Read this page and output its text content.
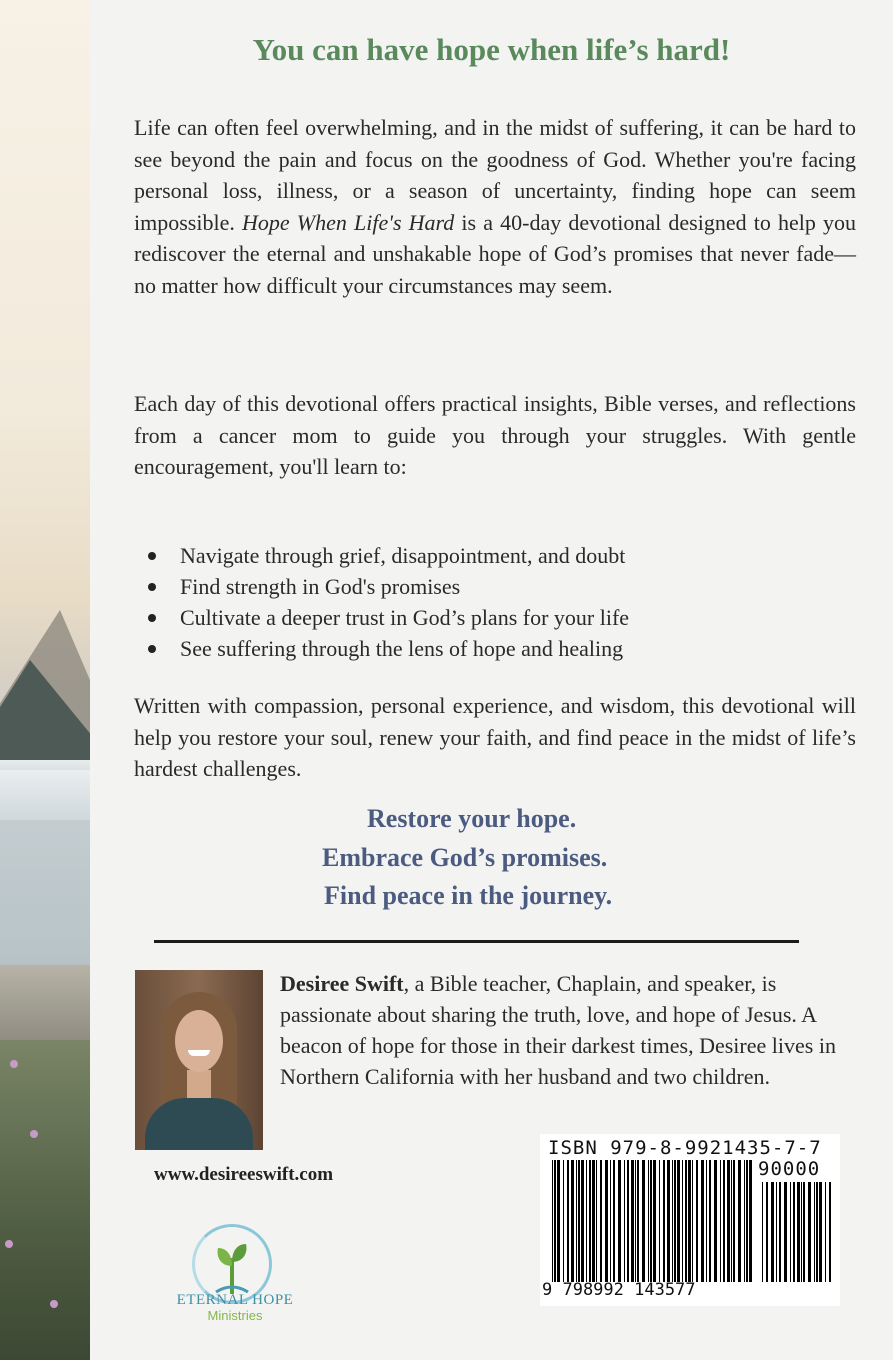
You can have hope when life’s hard!

Life can often feel overwhelming, and in the midst of suffering, it can be hard to see beyond the pain and focus on the goodness of God. Whether you're facing personal loss, illness, or a season of uncertainty, finding hope can seem impossible. Hope When Life's Hard is a 40-day devotional designed to help you rediscover the eternal and unshakable hope of God’s promises that never fade—no matter how difficult your circumstances may seem.

Each day of this devotional offers practical insights, Bible verses, and reflections from a cancer mom to guide you through your struggles. With gentle encouragement, you'll learn to:

Navigate through grief, disappointment, and doubt
Find strength in God's promises
Cultivate a deeper trust in God’s plans for your life
See suffering through the lens of hope and healing

Written with compassion, personal experience, and wisdom, this devotional will help you restore your soul, renew your faith, and find peace in the midst of life’s hardest challenges.

Restore your hope.
Embrace God’s promises.
Find peace in the journey.

Desiree Swift, a Bible teacher, Chaplain, and speaker, is passionate about sharing the truth, love, and hope of Jesus. A beacon of hope for those in their darkest times, Desiree lives in Northern California with her husband and two children.

www.desireeswift.com
ETERNAL HOPE
Ministries
ISBN 979-8-9921435-7-7
90000
9 798992 143577
